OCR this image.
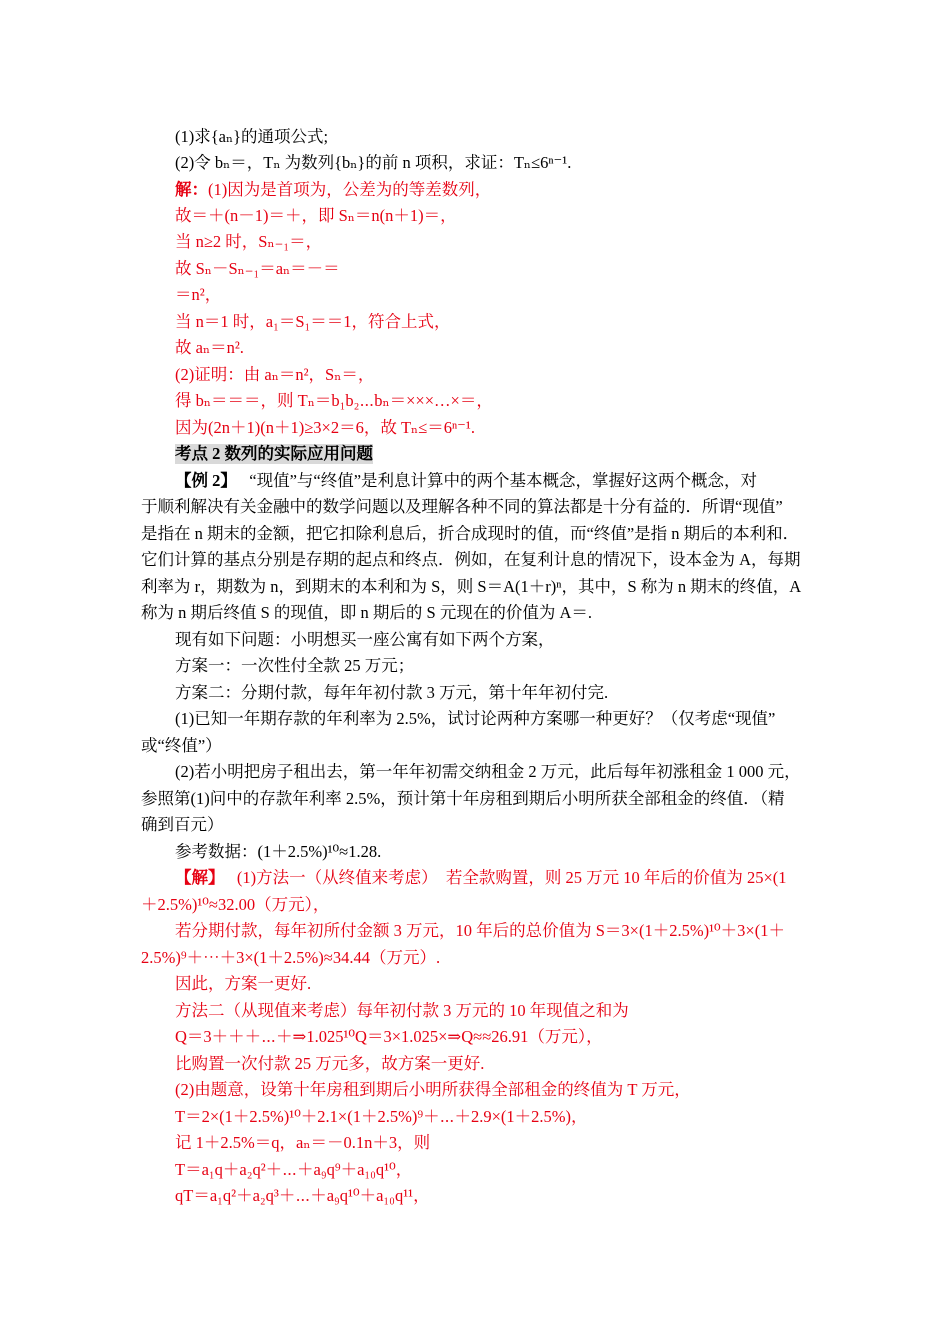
(1)求{aₙ}的通项公式;
(2)令 bₙ＝，Tₙ 为数列{bₙ}的前 n 项积，求证：Tₙ≤6ⁿ⁻¹.
解：(1)因为是首项为，公差为的等差数列，
故＝＋(n－1)＝＋，即 Sₙ＝n(n＋1)＝，
当 n≥2 时，Sₙ₋₁＝，
故 Sₙ－Sₙ₋₁＝aₙ＝－＝
＝n²，
当 n＝1 时，a₁＝S₁＝＝1，符合上式，
故 aₙ＝n².
(2)证明：由 aₙ＝n²，Sₙ＝，
得 bₙ＝＝＝，则 Tₙ＝b₁b₂⋯bₙ＝×××…×＝，
因为(2n＋1)(n＋1)≥3×2＝6，故 Tₙ≤＝6ⁿ⁻¹.
考点 2 数列的实际应用问题
【例 2】 “现值”与“终值”是利息计算中的两个基本概念，掌握好这两个概念，对
于顺利解决有关金融中的数学问题以及理解各种不同的算法都是十分有益的．所谓“现值”
是指在 n 期末的金额，把它扣除利息后，折合成现时的值，而“终值”是指 n 期后的本利和．
它们计算的基点分别是存期的起点和终点．例如，在复利计息的情况下，设本金为 A，每期
利率为 r，期数为 n，到期末的本利和为 S，则 S＝A(1＋r)ⁿ，其中，S 称为 n 期末的终值，A
称为 n 期后终值 S 的现值，即 n 期后的 S 元现在的价值为 A＝.
现有如下问题：小明想买一座公寓有如下两个方案，
方案一：一次性付全款 25 万元；
方案二：分期付款，每年年初付款 3 万元，第十年年初付完.
(1)已知一年期存款的年利率为 2.5%，试讨论两种方案哪一种更好？（仅考虑“现值”
或“终值”）
(2)若小明把房子租出去，第一年年初需交纳租金 2 万元，此后每年初涨租金 1 000 元，
参照第(1)问中的存款年利率 2.5%，预计第十年房租到期后小明所获全部租金的终值．（精
确到百元）
参考数据：(1＋2.5%)¹⁰≈1.28.
【解】 (1)方法一（从终值来考虑）　若全款购置，则 25 万元 10 年后的价值为 25×(1
＋2.5%)¹⁰≈32.00（万元），
若分期付款，每年初所付金额 3 万元，10 年后的总价值为 S＝3×(1＋2.5%)¹⁰＋3×(1＋
2.5%)⁹＋⋯＋3×(1＋2.5%)≈34.44（万元）.
因此，方案一更好.
方法二（从现值来考虑）每年初付款 3 万元的 10 年现值之和为
Q＝3＋＋＋⋯＋⇒1.025¹⁰Q＝3×1.025×⇒Q≈≈26.91（万元），
比购置一次付款 25 万元多，故方案一更好.
(2)由题意，设第十年房租到期后小明所获得全部租金的终值为 T 万元，
T＝2×(1＋2.5%)¹⁰＋2.1×(1＋2.5%)⁹＋⋯＋2.9×(1＋2.5%)，
记 1＋2.5%＝q，aₙ＝－0.1n＋3，则
T＝a₁q＋a₂q²＋⋯＋a₉q⁹＋a₁₀q¹⁰，
qT＝a₁q²＋a₂q³＋⋯＋a₉q¹⁰＋a₁₀q¹¹，
